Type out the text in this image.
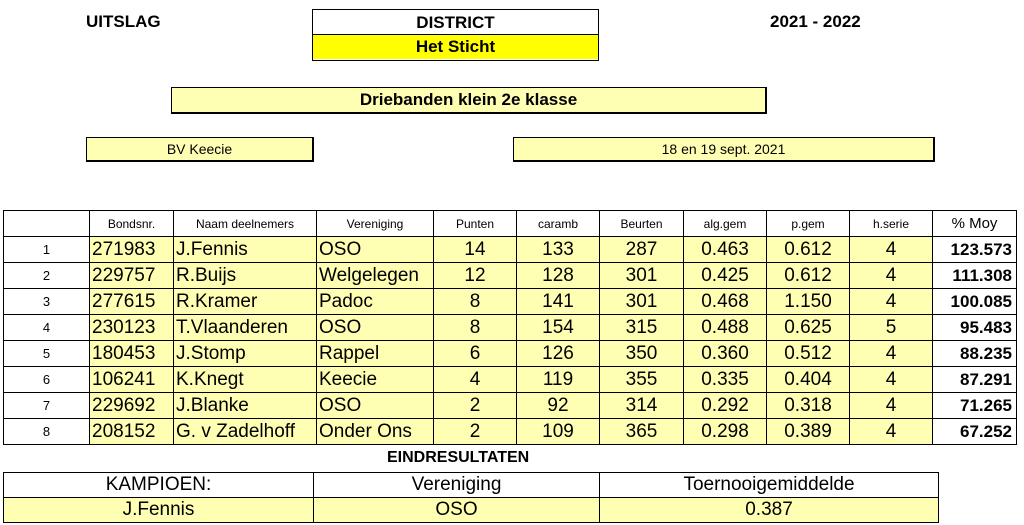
UITSLAG	2021 - 2022
DISTRICT
Het Sticht
Driebanden klein 2e klasse
BV Keecie	18 en 19 sept. 2021
	Bondsnr.	Naam deelnemers	Vereniging	Punten	caramb	Beurten	alg.gem	p.gem	h.serie	% Moy
1	271983	J.Fennis	OSO	14	133	287	0.463	0.612	4	123.573
2	229757	R.Buijs	Welgelegen	12	128	301	0.425	0.612	4	111.308
3	277615	R.Kramer	Padoc	8	141	301	0.468	1.150	4	100.085
4	230123	T.Vlaanderen	OSO	8	154	315	0.488	0.625	5	95.483
5	180453	J.Stomp	Rappel	6	126	350	0.360	0.512	4	88.235
6	106241	K.Knegt	Keecie	4	119	355	0.335	0.404	4	87.291
7	229692	J.Blanke	OSO	2	92	314	0.292	0.318	4	71.265
8	208152	G. v Zadelhoff	Onder Ons	2	109	365	0.298	0.389	4	67.252
EINDRESULTATEN
KAMPIOEN:	Vereniging	Toernooigemiddelde
J.Fennis	OSO	0.387
